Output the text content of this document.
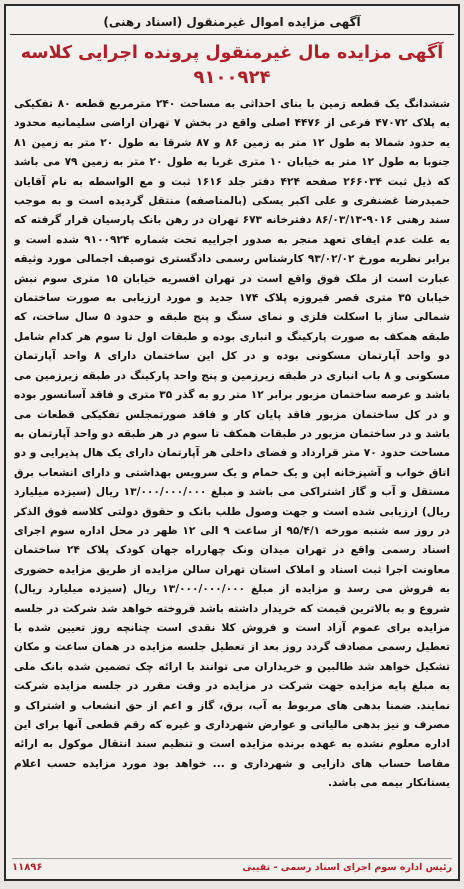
آگهی مزایده اموال غیرمنقول (اسناد رهنی)
آگهی مزایده مال غیرمنقول پرونده اجرایی کلاسه
۹۱۰۰۹۲۴
ششدانگ یک قطعه زمین با بنای احداثی به مساحت ۲۴۰ مترمربع قطعه ۸۰ تفکیکی به پلاک ۴۷۰۷۲ فرعی از ۴۴۷۶ اصلی واقع در بخش ۷ تهران اراضی سلیمانیه محدود به حدود شمالا به طول ۱۲ متر به زمین ۸۶ و ۸۷ شرقا به طول ۲۰ متر به زمین ۸۱ جنوبا به طول ۱۲ متر به خیابان ۱۰ متری غربا به طول ۲۰ متر به زمین ۷۹ می باشد که ذیل ثبت ۲۶۶۰۳۴ صفحه ۴۲۴ دفتر جلد ۱۶۱۶ ثبت و مع الواسطه به نام آقایان حمیدرضا غضنفری و علی اکبر یسکی (بالمناصفه) منتقل گردیده است و به موجب سند رهنی ۹۰۱۶-۸۶/۰۳/۱۳ دفترخانه ۶۷۳ تهران در رهن بانک پارسیان قرار گرفته که به علت عدم ایفای تعهد منجر به صدور اجراییه تحت شماره ۹۱۰۰۹۲۴ شده است و برابر نظریه مورخ ۹۳/۰۲/۰۲ کارشناس رسمی دادگستری توصیف اجمالی مورد وثیقه عبارت است از ملک فوق واقع است در تهران افسریه خیابان ۱۵ متری سوم نبش خیابان ۳۵ متری قصر فیروزه پلاک ۱۷۴ جدید و مورد ارزیابی به صورت ساختمان شمالی ساز با اسکلت فلزی و نمای سنگ و پنج طبقه و حدود ۵ سال ساخت، که طبقه همکف به صورت پارکینگ و انباری بوده و طبقات اول تا سوم هر کدام شامل دو واحد آپارتمان مسکونی بوده و در کل این ساختمان دارای ۸ واحد آپارتمان مسکونی و ۸ باب انباری در طبقه زیرزمین و پنج واحد پارکینگ در طبقه زیرزمین می باشد و عرصه ساختمان مزبور برابر ۱۲ متر رو به گذر ۳۵ متری و فاقد آسانسور بوده و در کل ساختمان مزبور فاقد پایان کار و فاقد صورتمجلس تفکیکی قطعات می باشد و در ساختمان مزبور در طبقات همکف تا سوم در هر طبقه دو واحد آپارتمان به مساحت حدود ۷۰ متر قرارداد و فضای داخلی هر آپارتمان دارای یک هال پذیرایی و دو اتاق خواب و آشپزخانه اپن و یک حمام و یک سرویس بهداشتی و دارای انشعاب برق مستقل و آب و گاز اشتراکی می باشد و مبلغ ۱۳/۰۰۰/۰۰۰/۰۰۰ ریال (سیزده میلیارد ریال) ارزیابی شده است و جهت وصول طلب بانک و حقوق دولتی کلاسه فوق الذکر در روز سه شنبه مورخه ۹۵/۴/۱ از ساعت ۹ الی ۱۲ ظهر در محل اداره سوم اجرای اسناد رسمی واقع در تهران میدان ونک چهارراه جهان کودک پلاک ۲۴ ساختمان معاونت اجرا ثبت اسناد و املاک استان تهران سالن مزایده از طریق مزایده حضوری به فروش می رسد و مزایده از مبلغ ۱۳/۰۰۰/۰۰۰/۰۰۰ ریال (سیزده میلیارد ریال) شروع و به بالاترین قیمت که خریدار داشته باشد فروخته خواهد شد شرکت در جلسه مزایده برای عموم آزاد است و فروش کلا نقدی است چنانچه روز تعیین شده با تعطیل رسمی مصادف گردد روز بعد از تعطیل جلسه مزایده در همان ساعت و مکان تشکیل خواهد شد طالبین و خریداران می توانند با ارائه چک تضمین شده بانک ملی به مبلغ پایه مزایده جهت شرکت در مزایده در وقت مقرر در جلسه مزایده شرکت نمایند. ضمنا بدهی های مربوط به آب، برق، گاز و اعم از حق انشعاب و اشتراک و مصرف و نیز بدهی مالیاتی و عوارض شهرداری و غیره که رقم قطعی آنها برای این اداره معلوم نشده به عهده برنده مزایده است و تنظیم سند انتقال موکول به ارائه مفاصا حساب های دارایی و شهرداری و ... خواهد بود مورد مزایده حسب اعلام بستانکار بیمه می باشد.
رئیس اداره سوم اجرای اسناد رسمی - تقیبی
۱۱۸۹۶
